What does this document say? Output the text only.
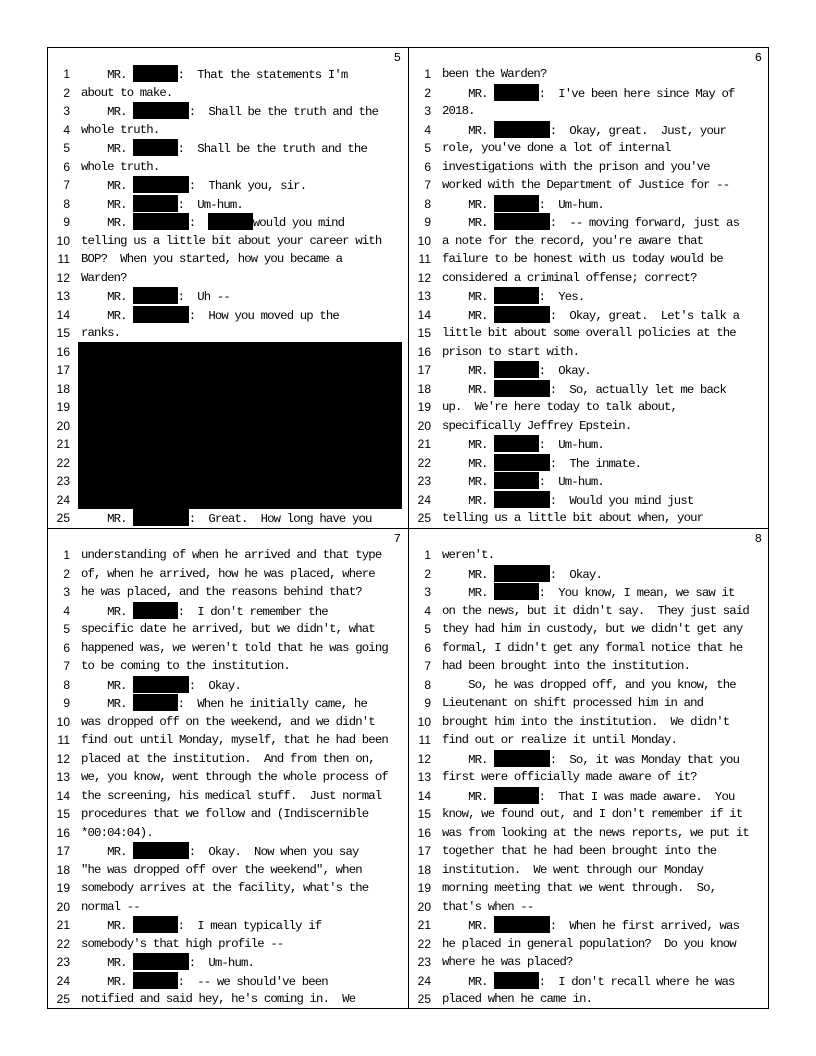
5
1 MR.	:  That the statements I'm
2 about to make.
3 MR.	:  Shall be the truth and the
4 whole truth.
5 MR.	:  Shall be the truth and the
6 whole truth.
7 MR.	:  Thank you, sir.
8 MR.	:  Um-hum.
9 MR.	:	would you mind
10 telling us a little bit about your career with
11 BOP?  When you started, how you became a
12 Warden?
13 MR.	:  Uh --
14 MR.	:  How you moved up the
15 ranks.
16
17
18
19
20
21
22
23
24
25 MR.	:  Great.  How long have you
6
1 been the Warden?
2 MR.	:  I've been here since May of
3 2018.
4 MR.	:  Okay, great.  Just, your
5 role, you've done a lot of internal
6 investigations with the prison and you've
7 worked with the Department of Justice for --
8 MR.	:  Um-hum.
9 MR.	:  -- moving forward, just as
10 a note for the record, you're aware that
11 failure to be honest with us today would be
12 considered a criminal offense; correct?
13 MR.	:  Yes.
14 MR.	:  Okay, great.  Let's talk a
15 little bit about some overall policies at the
16 prison to start with.
17 MR.	:  Okay.
18 MR.	:  So, actually let me back
19 up.  We're here today to talk about,
20 specifically Jeffrey Epstein.
21 MR.	:  Um-hum.
22 MR.	:  The inmate.
23 MR.	:  Um-hum.
24 MR.	:  Would you mind just
25 telling us a little bit about when, your
7
1 understanding of when he arrived and that type
2 of, when he arrived, how he was placed, where
3 he was placed, and the reasons behind that?
4 MR.	:  I don't remember the
5 specific date he arrived, but we didn't, what
6 happened was, we weren't told that he was going
7 to be coming to the institution.
8 MR.	:  Okay.
9 MR.	:  When he initially came, he
10 was dropped off on the weekend, and we didn't
11 find out until Monday, myself, that he had been
12 placed at the institution.  And from then on,
13 we, you know, went through the whole process of
14 the screening, his medical stuff.  Just normal
15 procedures that we follow and (Indiscernible
16 *00:04:04).
17 MR.	:  Okay.  Now when you say
18 "he was dropped off over the weekend", when
19 somebody arrives at the facility, what's the
20 normal --
21 MR.	:  I mean typically if
22 somebody's that high profile --
23 MR.	:  Um-hum.
24 MR.	:  -- we should've been
25 notified and said hey, he's coming in.  We
8
1 weren't.
2 MR.	:  Okay.
3 MR.	:  You know, I mean, we saw it
4 on the news, but it didn't say.  They just said
5 they had him in custody, but we didn't get any
6 formal, I didn't get any formal notice that he
7 had been brought into the institution.
8 So, he was dropped off, and you know, the
9 Lieutenant on shift processed him in and
10 brought him into the institution.  We didn't
11 find out or realize it until Monday.
12 MR.	:  So, it was Monday that you
13 first were officially made aware of it?
14 MR.	:  That I was made aware.  You
15 know, we found out, and I don't remember if it
16 was from looking at the news reports, we put it
17 together that he had been brought into the
18 institution.  We went through our Monday
19 morning meeting that we went through.  So,
20 that's when --
21 MR.	:  When he first arrived, was
22 he placed in general population?  Do you know
23 where he was placed?
24 MR.	:  I don't recall where he was
25 placed when he came in.
